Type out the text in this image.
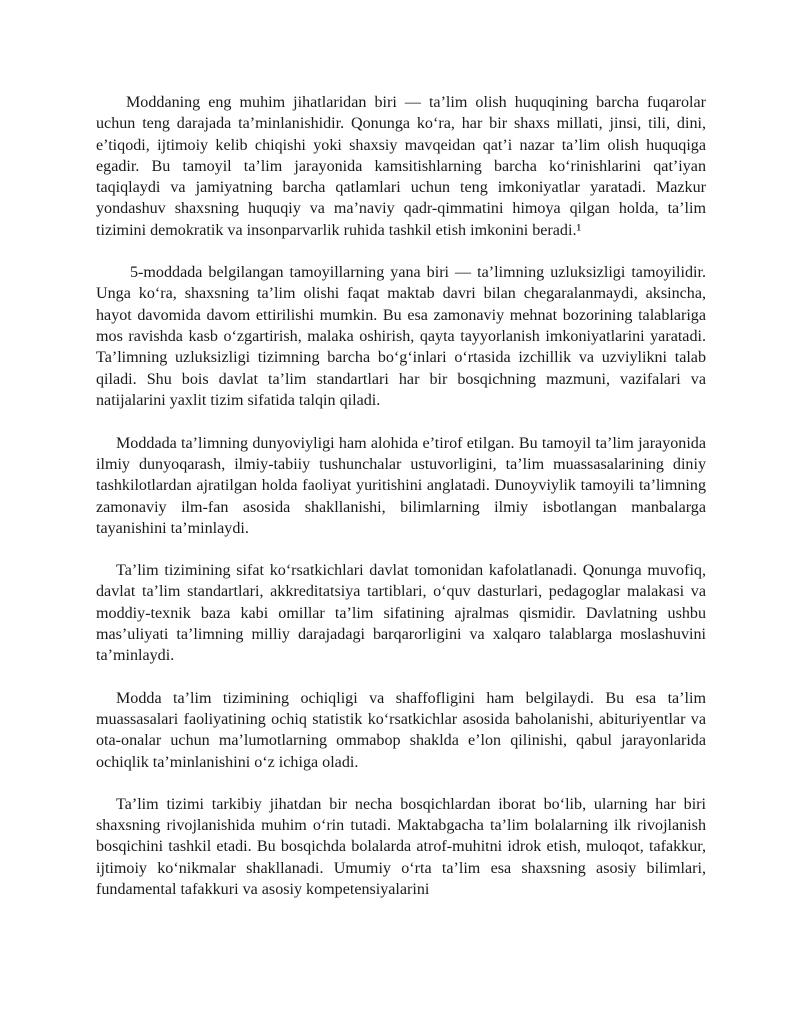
Moddaning eng muhim jihatlaridan biri — ta’lim olish huquqining barcha fuqarolar uchun teng darajada ta’minlanishidir. Qonunga ko‘ra, har bir shaxs millati, jinsi, tili, dini, e’tiqodi, ijtimoiy kelib chiqishi yoki shaxsiy mavqeidan qat’i nazar ta’lim olish huquqiga egadir. Bu tamoyil ta’lim jarayonida kamsitishlarning barcha ko‘rinishlarini qat’iyan taqiqlaydi va jamiyatning barcha qatlamlari uchun teng imkoniyatlar yaratadi. Mazkur yondashuv shaxsning huquqiy va ma’naviy qadr-qimmatini himoya qilgan holda, ta’lim tizimini demokratik va insonparvarlik ruhida tashkil etish imkonini beradi.¹

5-moddada belgilangan tamoyillarning yana biri — ta’limning uzluksizligi tamoyilidir. Unga ko‘ra, shaxsning ta’lim olishi faqat maktab davri bilan chegaralanmaydi, aksincha, hayot davomida davom ettirilishi mumkin. Bu esa zamonaviy mehnat bozorining talablariga mos ravishda kasb o‘zgartirish, malaka oshirish, qayta tayyorlanish imkoniyatlarini yaratadi. Ta’limning uzluksizligi tizimning barcha bo‘g‘inlari o‘rtasida izchillik va uzviylikni talab qiladi. Shu bois davlat ta’lim standartlari har bir bosqichning mazmuni, vazifalari va natijalarini yaxlit tizim sifatida talqin qiladi.

Moddada ta’limning dunyoviyligi ham alohida e’tirof etilgan. Bu tamoyil ta’lim jarayonida ilmiy dunyoqarash, ilmiy-tabiiy tushunchalar ustuvorligini, ta’lim muassasalarining diniy tashkilotlardan ajratilgan holda faoliyat yuritishini anglatadi. Dunoyviylik tamoyili ta’limning zamonaviy ilm-fan asosida shakllanishi, bilimlarning ilmiy isbotlangan manbalarga tayanishini ta’minlaydi.

Ta’lim tizimining sifat ko‘rsatkichlari davlat tomonidan kafolatlanadi. Qonunga muvofiq, davlat ta’lim standartlari, akkreditatsiya tartiblari, o‘quv dasturlari, pedagoglar malakasi va moddiy-texnik baza kabi omillar ta’lim sifatining ajralmas qismidir. Davlatning ushbu mas’uliyati ta’limning milliy darajadagi barqarorligini va xalqaro talablarga moslashuvini ta’minlaydi.

Modda ta’lim tizimining ochiqligi va shaffofligini ham belgilaydi. Bu esa ta’lim muassasalari faoliyatining ochiq statistik ko‘rsatkichlar asosida baholanishi, abituriyentlar va ota-onalar uchun ma’lumotlarning ommabop shaklda e’lon qilinishi, qabul jarayonlarida ochiqlik ta’minlanishini o‘z ichiga oladi.

Ta’lim tizimi tarkibiy jihatdan bir necha bosqichlardan iborat bo‘lib, ularning har biri shaxsning rivojlanishida muhim o‘rin tutadi. Maktabgacha ta’lim bolalarning ilk rivojlanish bosqichini tashkil etadi. Bu bosqichda bolalarda atrof-muhitni idrok etish, muloqot, tafakkur, ijtimoiy ko‘nikmalar shakllanadi. Umumiy o‘rta ta’lim esa shaxsning asosiy bilimlari, fundamental tafakkuri va asosiy kompetensiyalarini
